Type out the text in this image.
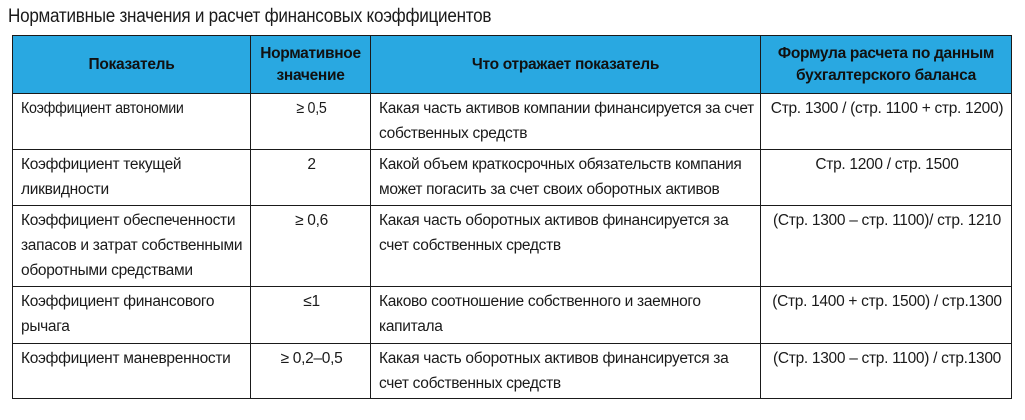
Нормативные значения и расчет финансовых коэффициентов
Показатель	Нормативное значение	Что отражает показатель	Формула расчета по данным бухгалтерского баланса
Коэффициент автономии	≥ 0,5	Какая часть активов компании финансируется за счет собственных средств	Стр. 1300 / (стр. 1100 + стр. 1200)
Коэффициент текущей ликвидности	2	Какой объем краткосрочных обязательств компания может погасить за счет своих оборотных активов	Стр. 1200 / стр. 1500
Коэффициент обеспеченности запасов и затрат собственными оборотными средствами	≥ 0,6	Какая часть оборотных активов финансируется за счет собственных средств	(Стр. 1300 – стр. 1100)/ стр. 1210
Коэффициент финансового рычага	≤1	Каково соотношение собственного и заемного капитала	(Стр. 1400 + стр. 1500) / стр.1300
Коэффициент маневренности	≥ 0,2–0,5	Какая часть оборотных активов финансируется за счет собственных средств	(Стр. 1300 – стр. 1100) / стр.1300
